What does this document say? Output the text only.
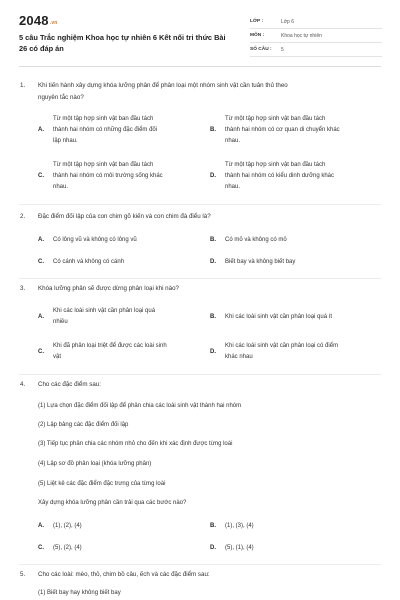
2048.vn
5 câu Trắc nghiệm Khoa học tự nhiên 6 Kết nối tri thức Bài 26 có đáp án
LỚP :	Lớp 6
MÔN :	Khoa học tự nhiên
SỐ CÂU :	5
1. Khi tiến hành xây dựng khóa lưỡng phân để phân loại một nhóm sinh vật cần tuân thủ theo
nguyên tắc nào?
A.
Từ một tập hợp sinh vật ban đầu tách
thành hai nhóm có những đặc điểm đối
lập nhau.
B.
Từ một tập hợp sinh vật ban đầu tách
thành hai nhóm có cơ quan di chuyển khác
nhau.
C.
Từ một tập hợp sinh vật ban đầu tách
thành hai nhóm có môi trường sống khác
nhau.
D.
Từ một tập hợp sinh vật ban đầu tách
thành hai nhóm có kiểu dinh dưỡng khác
nhau.
2. Đặc điểm đối lập của con chim gõ kiến và con chim đà điểu là?
A. Có lông vũ và không có lông vũ	B. Có mỏ và không có mỏ
C. Có cánh và không có cánh	D. Biết bay và không biết bay
3. Khóa lưỡng phân sẽ được dừng phân loại khi nào?
A.
Khi các loài sinh vật cần phân loại quá
nhiều
B. Khi các loài sinh vật cần phân loại quá ít
C.
Khi đã phân loại triệt để được các loài sinh
vật
D.
Khi các loài sinh vật cần phân loại có điểm
khác nhau
4. Cho các đặc điểm sau:
(1) Lựa chọn đặc điểm đối lập để phân chia các loài sinh vật thành hai nhóm
(2) Lập bảng các đặc điểm đối lập
(3) Tiếp tục phân chia các nhóm nhỏ cho đến khi xác định được từng loài
(4) Lập sơ đồ phân loại (khóa lưỡng phân)
(5) Liệt kê các đặc điểm đặc trưng của từng loài
Xây dựng khóa lưỡng phân cần trải qua các bước nào?
A. (1), (2), (4)	B. (1), (3), (4)
C. (5), (2), (4)	D. (5), (1), (4)
5. Cho các loài: mèo, thỏ, chim bồ câu, ếch và các đặc điểm sau:
(1) Biết bay hay không biết bay
